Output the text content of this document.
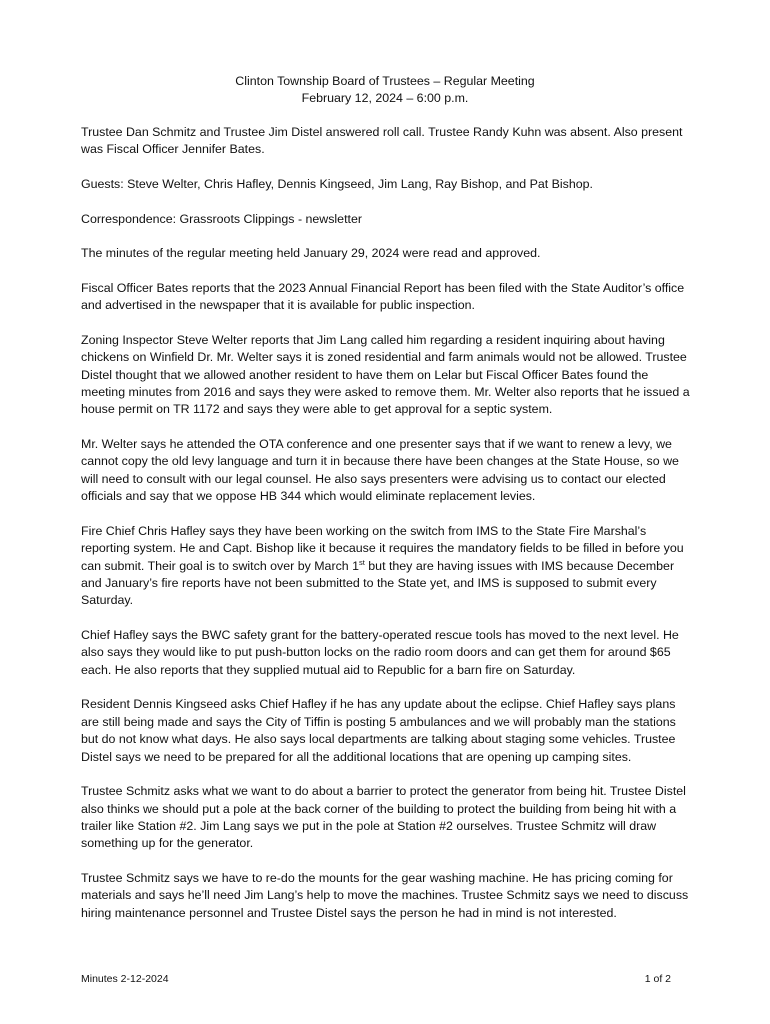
Clinton Township Board of Trustees – Regular Meeting
February 12, 2024 – 6:00 p.m.

Trustee Dan Schmitz and Trustee Jim Distel answered roll call. Trustee Randy Kuhn was absent. Also present was Fiscal Officer Jennifer Bates.

Guests: Steve Welter, Chris Hafley, Dennis Kingseed, Jim Lang, Ray Bishop, and Pat Bishop.

Correspondence: Grassroots Clippings - newsletter

The minutes of the regular meeting held January 29, 2024 were read and approved.

Fiscal Officer Bates reports that the 2023 Annual Financial Report has been filed with the State Auditor’s office and advertised in the newspaper that it is available for public inspection.

Zoning Inspector Steve Welter reports that Jim Lang called him regarding a resident inquiring about having chickens on Winfield Dr. Mr. Welter says it is zoned residential and farm animals would not be allowed. Trustee Distel thought that we allowed another resident to have them on Lelar but Fiscal Officer Bates found the meeting minutes from 2016 and says they were asked to remove them. Mr. Welter also reports that he issued a house permit on TR 1172 and says they were able to get approval for a septic system.

Mr. Welter says he attended the OTA conference and one presenter says that if we want to renew a levy, we cannot copy the old levy language and turn it in because there have been changes at the State House, so we will need to consult with our legal counsel. He also says presenters were advising us to contact our elected officials and say that we oppose HB 344 which would eliminate replacement levies.

Fire Chief Chris Hafley says they have been working on the switch from IMS to the State Fire Marshal’s reporting system. He and Capt. Bishop like it because it requires the mandatory fields to be filled in before you can submit. Their goal is to switch over by March 1st but they are having issues with IMS because December and January’s fire reports have not been submitted to the State yet, and IMS is supposed to submit every Saturday.

Chief Hafley says the BWC safety grant for the battery-operated rescue tools has moved to the next level. He also says they would like to put push-button locks on the radio room doors and can get them for around $65 each. He also reports that they supplied mutual aid to Republic for a barn fire on Saturday.

Resident Dennis Kingseed asks Chief Hafley if he has any update about the eclipse. Chief Hafley says plans are still being made and says the City of Tiffin is posting 5 ambulances and we will probably man the stations but do not know what days. He also says local departments are talking about staging some vehicles. Trustee Distel says we need to be prepared for all the additional locations that are opening up camping sites.

Trustee Schmitz asks what we want to do about a barrier to protect the generator from being hit. Trustee Distel also thinks we should put a pole at the back corner of the building to protect the building from being hit with a trailer like Station #2. Jim Lang says we put in the pole at Station #2 ourselves. Trustee Schmitz will draw something up for the generator.

Trustee Schmitz says we have to re-do the mounts for the gear washing machine. He has pricing coming for materials and says he’ll need Jim Lang’s help to move the machines. Trustee Schmitz says we need to discuss hiring maintenance personnel and Trustee Distel says the person he had in mind is not interested.

Minutes 2-12-2024	1 of 2
